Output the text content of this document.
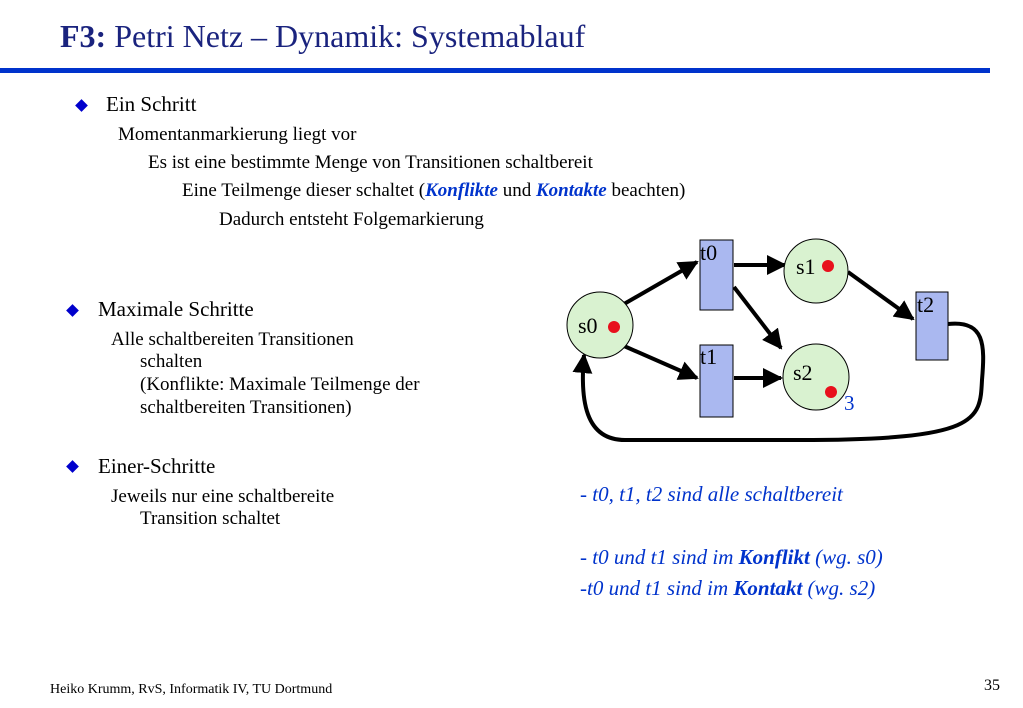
F3: Petri Netz – Dynamik: Systemablauf
Ein Schritt
Momentanmarkierung liegt vor
Es ist eine bestimmte Menge von Transitionen schaltbereit
Eine Teilmenge dieser schaltet (Konflikte und Kontakte beachten)
Dadurch entsteht Folgemarkierung
Maximale Schritte
Alle schaltbereiten Transitionen
schalten
(Konflikte: Maximale Teilmenge der
schaltbereiten Transitionen)
Einer-Schritte
Jeweils nur eine schaltbereite
Transition schaltet
s0
s1
s2
t0
t1
t2
3
- t0, t1, t2 sind alle schaltbereit
- t0 und t1 sind im Konflikt (wg. s0)
-t0 und t1 sind im Kontakt (wg. s2)
Heiko Krumm, RvS, Informatik IV, TU Dortmund	35
